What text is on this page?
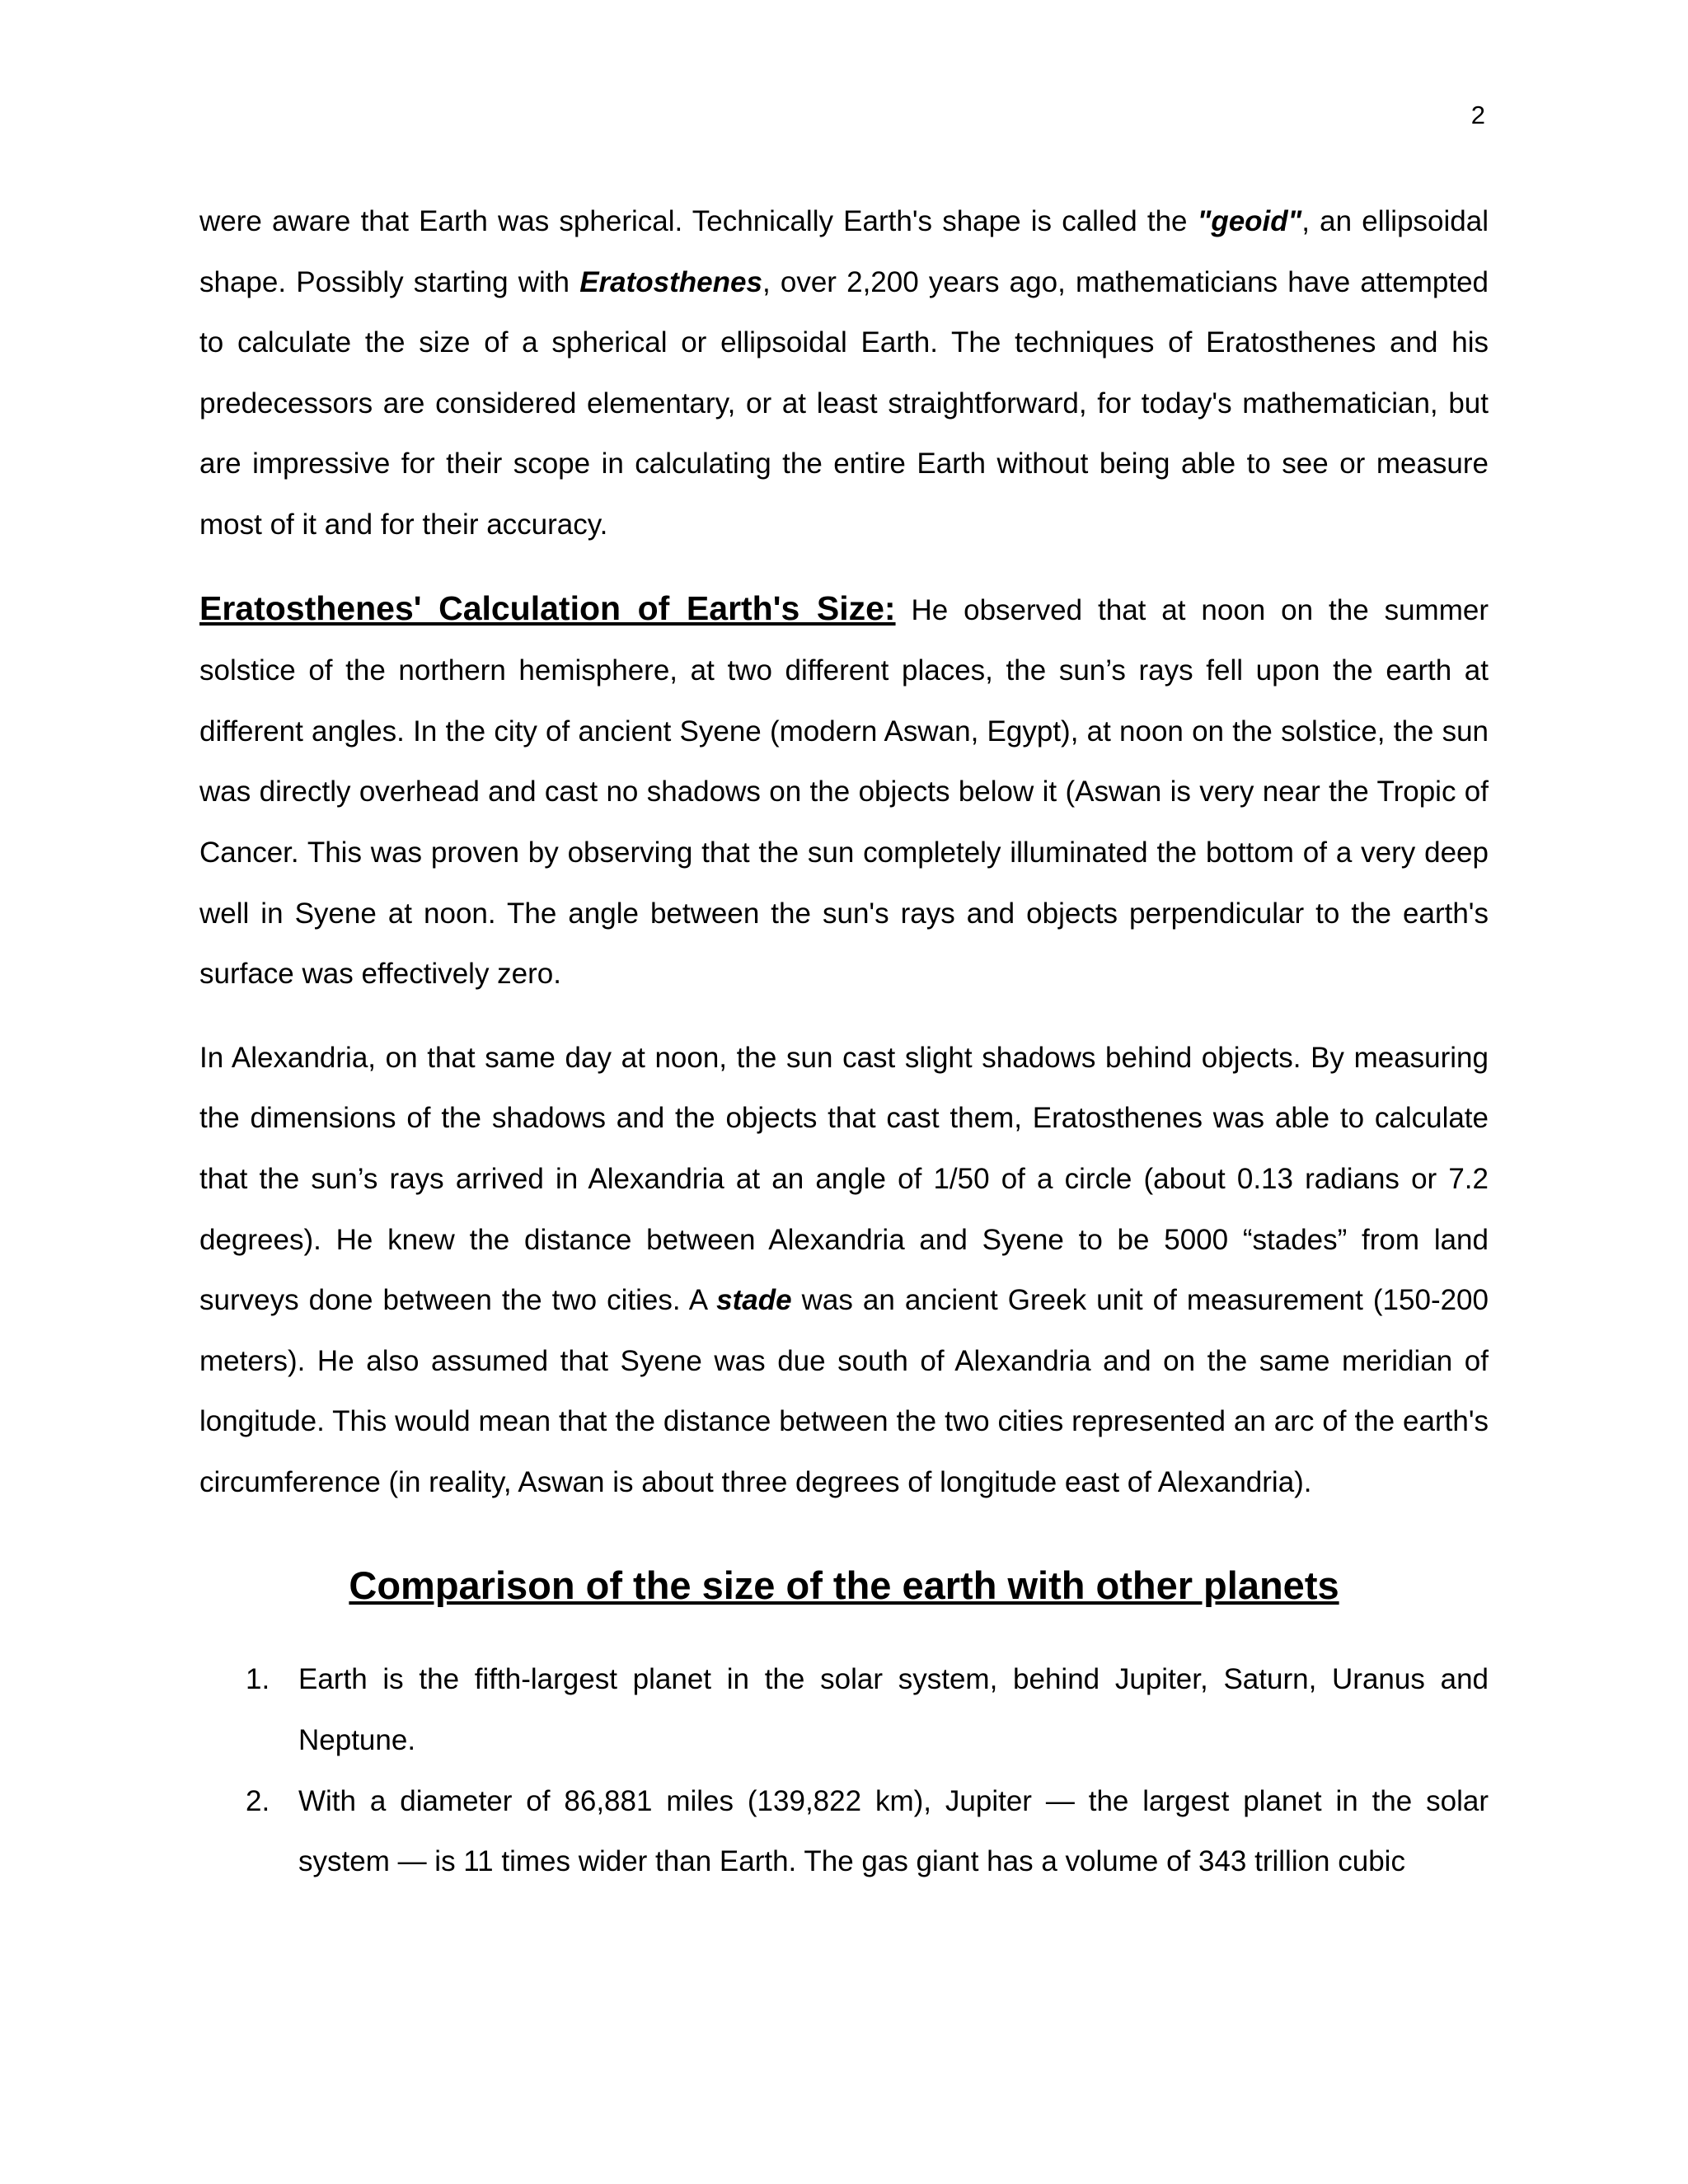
2

were aware that Earth was spherical. Technically Earth's shape is called the "geoid", an ellipsoidal shape. Possibly starting with Eratosthenes, over 2,200 years ago, mathematicians have attempted to calculate the size of a spherical or ellipsoidal Earth. The techniques of Eratosthenes and his predecessors are considered elementary, or at least straightforward, for today's mathematician, but are impressive for their scope in calculating the entire Earth without being able to see or measure most of it and for their accuracy.

Eratosthenes' Calculation of Earth's Size: He observed that at noon on the summer solstice of the northern hemisphere, at two different places, the sun’s rays fell upon the earth at different angles. In the city of ancient Syene (modern Aswan, Egypt), at noon on the solstice, the sun was directly overhead and cast no shadows on the objects below it (Aswan is very near the Tropic of Cancer. This was proven by observing that the sun completely illuminated the bottom of a very deep well in Syene at noon. The angle between the sun's rays and objects perpendicular to the earth's surface was effectively zero.

In Alexandria, on that same day at noon, the sun cast slight shadows behind objects. By measuring the dimensions of the shadows and the objects that cast them, Eratosthenes was able to calculate that the sun’s rays arrived in Alexandria at an angle of 1/50 of a circle (about 0.13 radians or 7.2 degrees). He knew the distance between Alexandria and Syene to be 5000 “stades” from land surveys done between the two cities. A stade was an ancient Greek unit of measurement (150-200 meters). He also assumed that Syene was due south of Alexandria and on the same meridian of longitude. This would mean that the distance between the two cities represented an arc of the earth's circumference (in reality, Aswan is about three degrees of longitude east of Alexandria).

Comparison of the size of the earth with other planets
1. Earth is the fifth-largest planet in the solar system, behind Jupiter, Saturn, Uranus and Neptune.
2. With a diameter of 86,881 miles (139,822 km), Jupiter — the largest planet in the solar system — is 11 times wider than Earth. The gas giant has a volume of 343 trillion cubic
